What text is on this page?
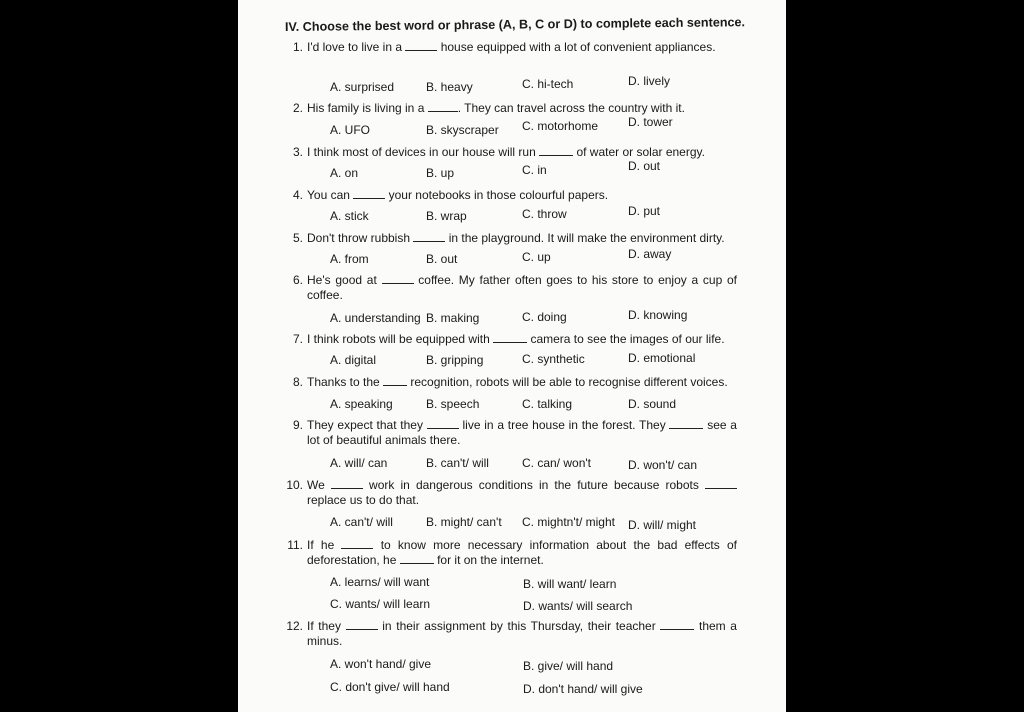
IV. Choose the best word or phrase (A, B, C or D) to complete each sentence.
1. I'd love to live in a	house equipped with a lot of convenient appliances.
A. surprised	B. heavy	C. hi-tech	D. lively
2. His family is living in a	. They can travel across the country with it.
A. UFO	B. skyscraper C. motorhome D. tower
3. I think most of devices in our house will run	of water or solar energy.
A. on	B. up	C. in	D. out
4. You can	your notebooks in those colourful papers.
A. stick	B. wrap	C. throw	D. put
5. Don't throw rubbish	in the playground. It will make the environment dirty.
A. from	B. out	C. up	D. away
6. He's good at	coffee. My father often goes to his store to enjoy a cup of coffee.
A. understanding B. making	C. doing	D. knowing
7. I think robots will be equipped with	camera to see the images of our life.
A. digital	B. gripping	C. synthetic	D. emotional
8. Thanks to the  recognition, robots will be able to recognise different voices.
A. speaking	B. speech	C. talking	D. sound
9. They expect that they	live in a tree house in the forest. They	see a lot of beautiful animals there.
A. will/ can	B. can't/ will	C. can/ won't	D. won't/ can
10. We	work in dangerous conditions in the future because robots  replace us to do that.
A. can't/ will	B. might/ can't C. mightn't/ might D. will/ might
11. If he	to know more necessary information about the bad effects of deforestation, he	for it on the internet.
A. learns/ will want	B. will want/ learn
C. wants/ will learn	D. wants/ will search
12. If they	in their assignment by this Thursday, their teacher	them a minus.
A. won't hand/ give	B. give/ will hand
C. don't give/ will hand	D. don't hand/ will give
